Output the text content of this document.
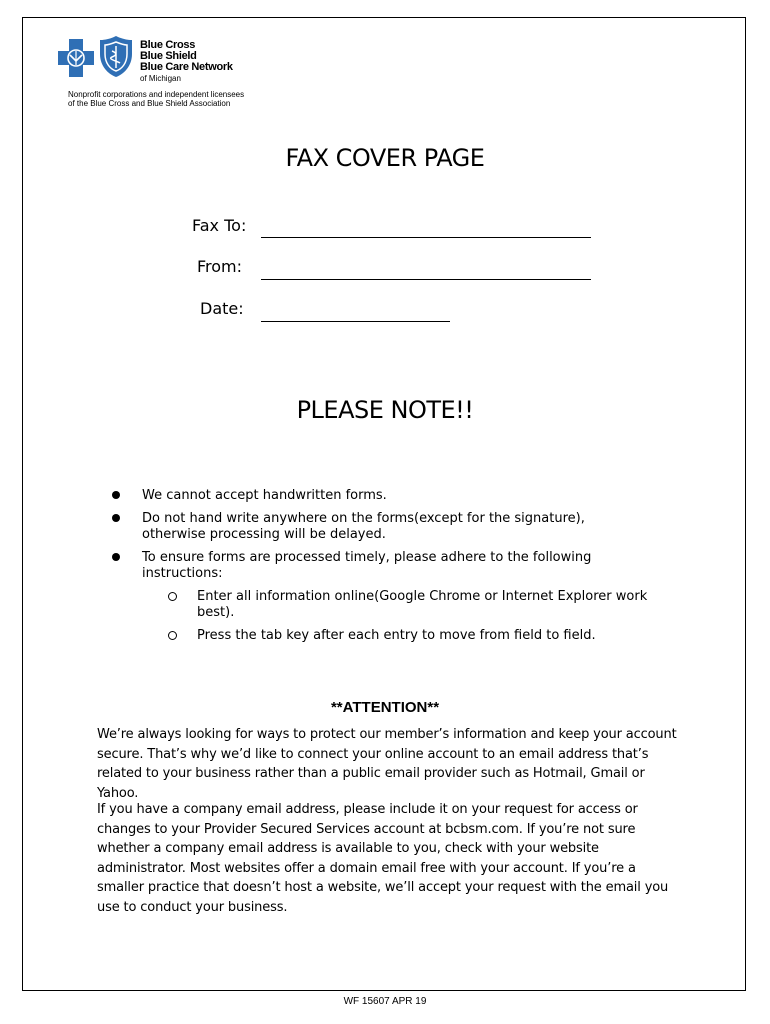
Blue Cross
Blue Shield
Blue Care Network
of Michigan
Nonprofit corporations and independent licensees
of the Blue Cross and Blue Shield Association
FAX COVER PAGE
Fax To:
From:
Date:
PLEASE NOTE!!
We cannot accept handwritten forms.
Do not hand write anywhere on the forms(except for the signature), otherwise processing will be delayed.
To ensure forms are processed timely, please adhere to the following instructions:
Enter all information online(Google Chrome or Internet Explorer work best).
Press the tab key after each entry to move from field to field.
**ATTENTION**
We’re always looking for ways to protect our member’s information and keep your account secure. That’s why we’d like to connect your online account to an email address that’s related to your business rather than a public email provider such as Hotmail, Gmail or Yahoo.
If you have a company email address, please include it on your request for access or changes to your Provider Secured Services account at bcbsm.com. If you’re not sure whether a company email address is available to you, check with your website administrator. Most websites offer a domain email free with your account. If you’re a smaller practice that doesn’t host a website, we’ll accept your request with the email you use to conduct your business.
WF 15607 APR 19
